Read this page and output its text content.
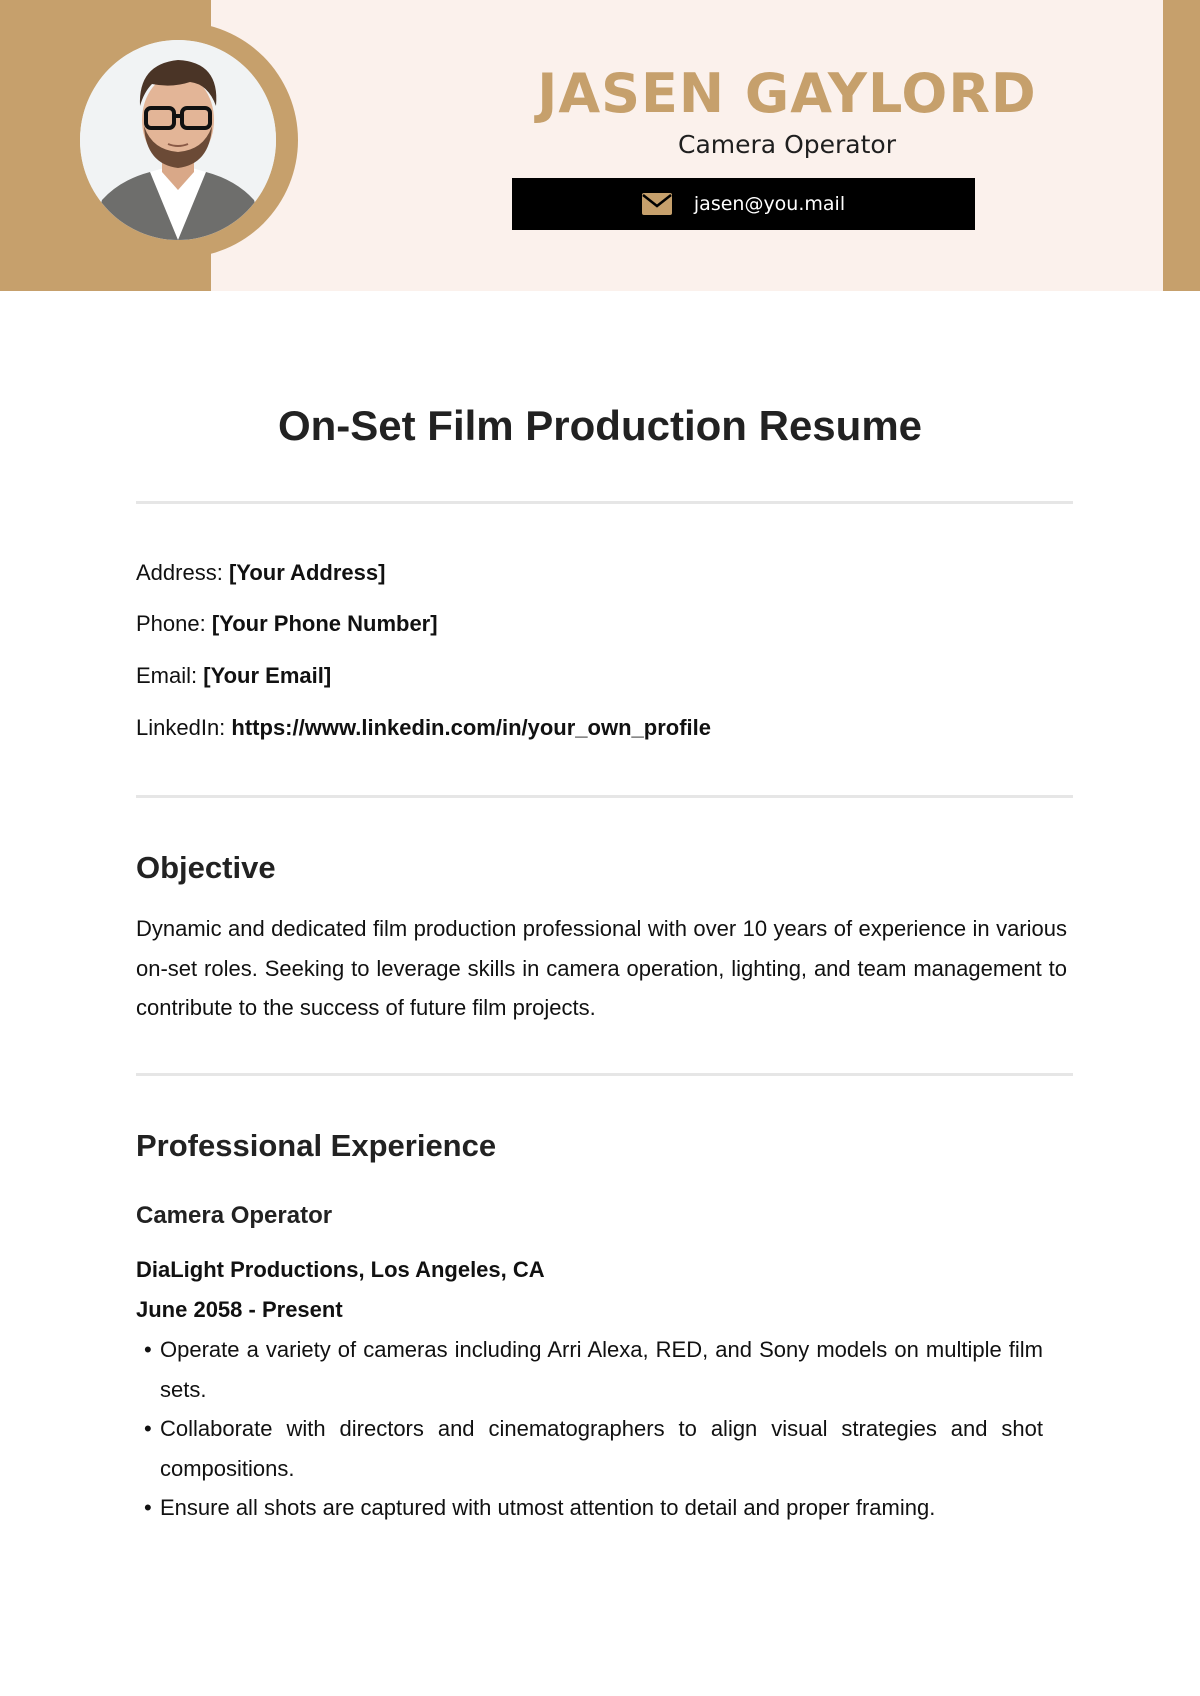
JASEN GAYLORD
Camera Operator
jasen@you.mail
On-Set Film Production Resume
Address: [Your Address]
Phone: [Your Phone Number]
Email: [Your Email]
LinkedIn: https://www.linkedin.com/in/your_own_profile
Objective
Dynamic and dedicated film production professional with over 10 years of experience in various on-set roles. Seeking to leverage skills in camera operation, lighting, and team management to contribute to the success of future film projects.
Professional Experience
Camera Operator
DiaLight Productions, Los Angeles, CA
June 2058 - Present
• Operate a variety of cameras including Arri Alexa, RED, and Sony models on multiple film sets.
• Collaborate with directors and cinematographers to align visual strategies and shot compositions.
• Ensure all shots are captured with utmost attention to detail and proper framing.
